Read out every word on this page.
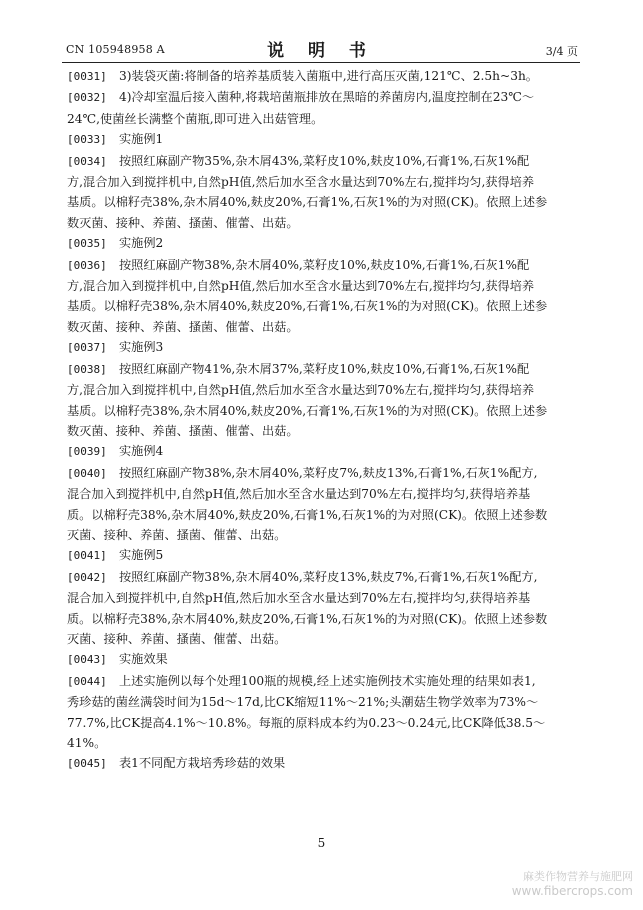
CN 105948958 A	说 明 书	3/4 页
[0031] 3)装袋灭菌:将制备的培养基质装入菌瓶中,进行高压灭菌,121℃、2.5h~3h。
[0032] 4)冷却室温后接入菌种,将栽培菌瓶排放在黑暗的养菌房内,温度控制在23℃～
24℃,使菌丝长满整个菌瓶,即可进入出菇管理。
[0033] 实施例1
[0034] 按照红麻副产物35%,杂木屑43%,菜籽皮10%,麸皮10%,石膏1%,石灰1%配
方,混合加入到搅拌机中,自然pH值,然后加水至含水量达到70%左右,搅拌均匀,获得培养
基质。以棉籽壳38%,杂木屑40%,麸皮20%,石膏1%,石灰1%的为对照(CK)。依照上述参
数灭菌、接种、养菌、搔菌、催蕾、出菇。
[0035] 实施例2
[0036] 按照红麻副产物38%,杂木屑40%,菜籽皮10%,麸皮10%,石膏1%,石灰1%配
方,混合加入到搅拌机中,自然pH值,然后加水至含水量达到70%左右,搅拌均匀,获得培养
基质。以棉籽壳38%,杂木屑40%,麸皮20%,石膏1%,石灰1%的为对照(CK)。依照上述参
数灭菌、接种、养菌、搔菌、催蕾、出菇。
[0037] 实施例3
[0038] 按照红麻副产物41%,杂木屑37%,菜籽皮10%,麸皮10%,石膏1%,石灰1%配
方,混合加入到搅拌机中,自然pH值,然后加水至含水量达到70%左右,搅拌均匀,获得培养
基质。以棉籽壳38%,杂木屑40%,麸皮20%,石膏1%,石灰1%的为对照(CK)。依照上述参
数灭菌、接种、养菌、搔菌、催蕾、出菇。
[0039] 实施例4
[0040] 按照红麻副产物38%,杂木屑40%,菜籽皮7%,麸皮13%,石膏1%,石灰1%配方,
混合加入到搅拌机中,自然pH值,然后加水至含水量达到70%左右,搅拌均匀,获得培养基
质。以棉籽壳38%,杂木屑40%,麸皮20%,石膏1%,石灰1%的为对照(CK)。依照上述参数
灭菌、接种、养菌、搔菌、催蕾、出菇。
[0041] 实施例5
[0042] 按照红麻副产物38%,杂木屑40%,菜籽皮13%,麸皮7%,石膏1%,石灰1%配方,
混合加入到搅拌机中,自然pH值,然后加水至含水量达到70%左右,搅拌均匀,获得培养基
质。以棉籽壳38%,杂木屑40%,麸皮20%,石膏1%,石灰1%的为对照(CK)。依照上述参数
灭菌、接种、养菌、搔菌、催蕾、出菇。
[0043] 实施效果
[0044] 上述实施例以每个处理100瓶的规模,经上述实施例技术实施处理的结果如表1,
秀珍菇的菌丝满袋时间为15d～17d,比CK缩短11%～21%;头潮菇生物学效率为73%～
77.7%,比CK提高4.1%～10.8%。每瓶的原料成本约为0.23～0.24元,比CK降低38.5～
41%。
[0045] 表1不同配方栽培秀珍菇的效果
5
麻类作物营养与施肥网
www.fibercrops.com
